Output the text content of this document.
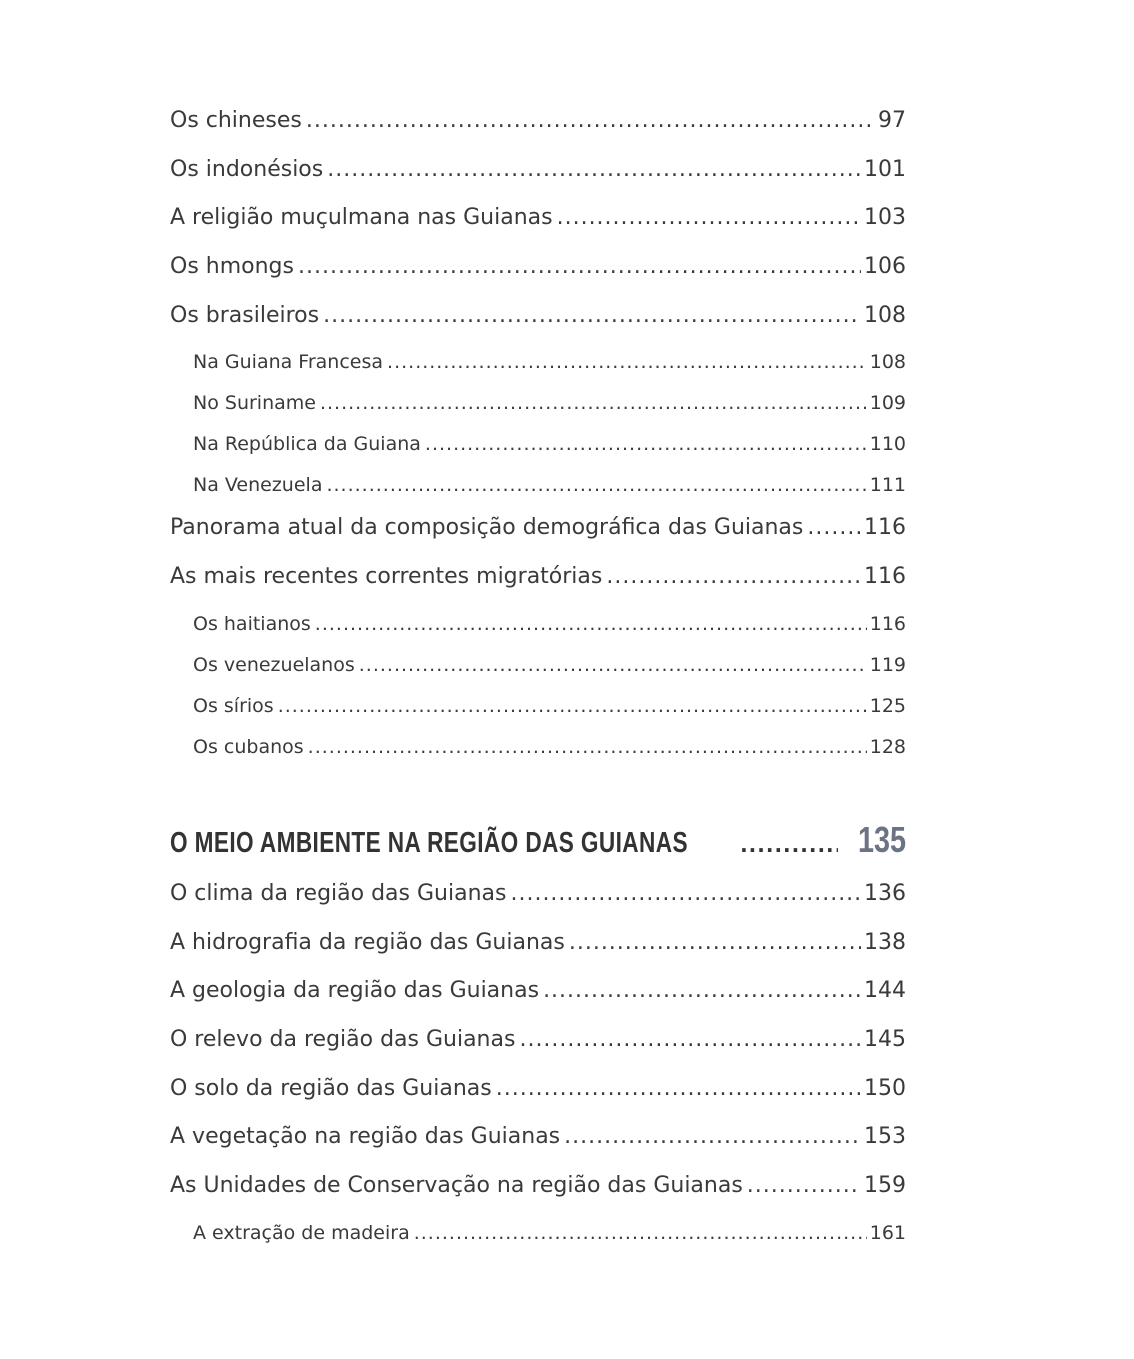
Os chineses .....	97
Os indonésios .....	101
A religião muçulmana nas Guianas .....	103
Os hmongs .....	106
Os brasileiros .....	108
Na Guiana Francesa .....	108
No Suriname .....	109
Na República da Guiana .....	110
Na Venezuela .....	111
Panorama atual da composição demográfica das Guianas .....	116
As mais recentes correntes migratórias .....	116
Os haitianos .....	116
Os venezuelanos .....	119
Os sírios .....	125
Os cubanos .....	128
O MEIO AMBIENTE NA REGIÃO DAS GUIANAS .....	135
O clima da região das Guianas .....	136
A hidrografia da região das Guianas .....	138
A geologia da região das Guianas .....	144
O relevo da região das Guianas .....	145
O solo da região das Guianas .....	150
A vegetação na região das Guianas .....	153
As Unidades de Conservação na região das Guianas .....	159
A extração de madeira .....	161
